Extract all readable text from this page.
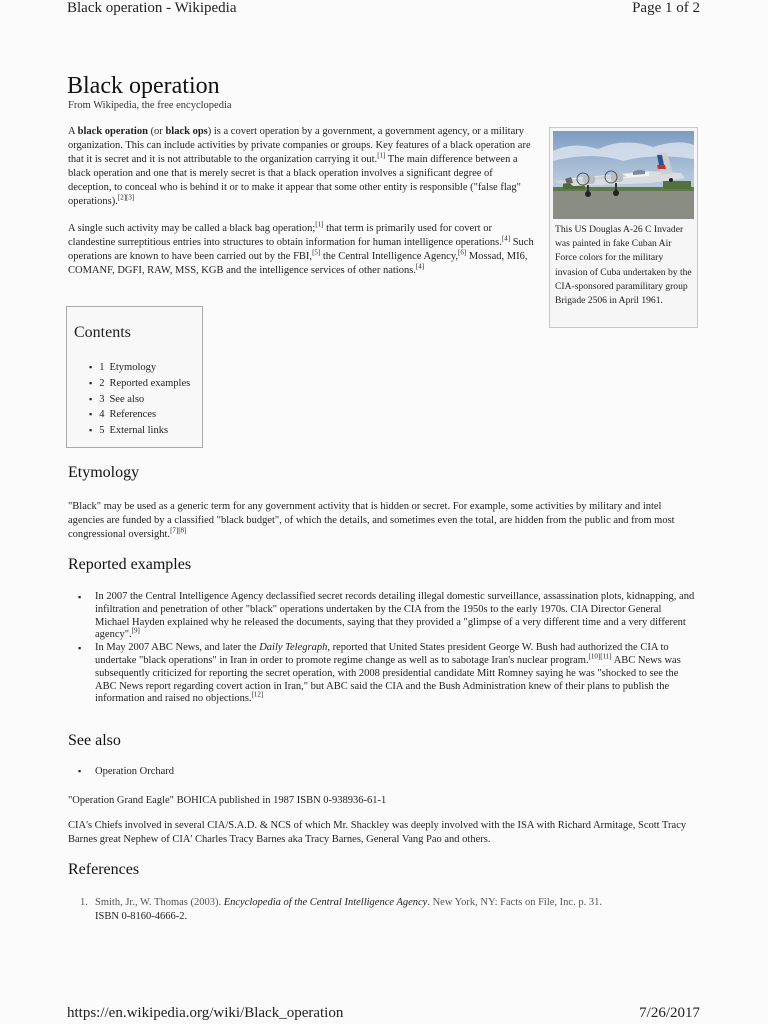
Black operation - Wikipedia	Page 1 of 2
Black operation
From Wikipedia, the free encyclopedia

A black operation (or black ops) is a covert operation by a government, a government agency, or a military organization. This can include activities by private companies or groups. Key features of a black operation are that it is secret and it is not attributable to the organization carrying it out.[1] The main difference between a black operation and one that is merely secret is that a black operation involves a significant degree of deception, to conceal who is behind it or to make it appear that some other entity is responsible ("false flag" operations).[2][3]

A single such activity may be called a black bag operation;[1] that term is primarily used for covert or clandestine surreptitious entries into structures to obtain information for human intelligence operations.[4] Such operations are known to have been carried out by the FBI,[5] the Central Intelligence Agency,[6] Mossad, MI6, COMANF, DGFI, RAW, MSS, KGB and the intelligence services of other nations.[4]

This US Douglas A-26 C Invader was painted in fake Cuban Air Force colors for the military invasion of Cuba undertaken by the CIA-sponsored paramilitary group Brigade 2506 in April 1961.
Contents
▪ 1 Etymology
▪ 2 Reported examples
▪ 3 See also
▪ 4 References
▪ 5 External links
Etymology

"Black" may be used as a generic term for any government activity that is hidden or secret. For example, some activities by military and intel agencies are funded by a classified "black budget", of which the details, and sometimes even the total, are hidden from the public and from most congressional oversight.[7][8]

Reported examples
▪ In 2007 the Central Intelligence Agency declassified secret records detailing illegal domestic surveillance, assassination plots, kidnapping, and infiltration and penetration of other "black" operations undertaken by the CIA from the 1950s to the early 1970s. CIA Director General Michael Hayden explained why he released the documents, saying that they provided a "glimpse of a very different time and a very different agency".[9]
▪ In May 2007 ABC News, and later the Daily Telegraph, reported that United States president George W. Bush had authorized the CIA to undertake "black operations" in Iran in order to promote regime change as well as to sabotage Iran's nuclear program.[10][11] ABC News was subsequently criticized for reporting the secret operation, with 2008 presidential candidate Mitt Romney saying he was "shocked to see the ABC News report regarding covert action in Iran," but ABC said the CIA and the Bush Administration knew of their plans to publish the information and raised no objections.[12]
See also
▪ Operation Orchard

"Operation Grand Eagle" BOHICA published in 1987 ISBN 0-938936-61-1

CIA's Chiefs involved in several CIA/S.A.D. & NCS of which Mr. Shackley was deeply involved with the ISA with Richard Armitage, Scott Tracy Barnes great Nephew of CIA' Charles Tracy Barnes aka Tracy Barnes, General Vang Pao and others.

References
1. Smith, Jr., W. Thomas (2003). Encyclopedia of the Central Intelligence Agency. New York, NY: Facts on File, Inc. p. 31.
ISBN 0-8160-4666-2.
https://en.wikipedia.org/wiki/Black_operation	7/26/2017
